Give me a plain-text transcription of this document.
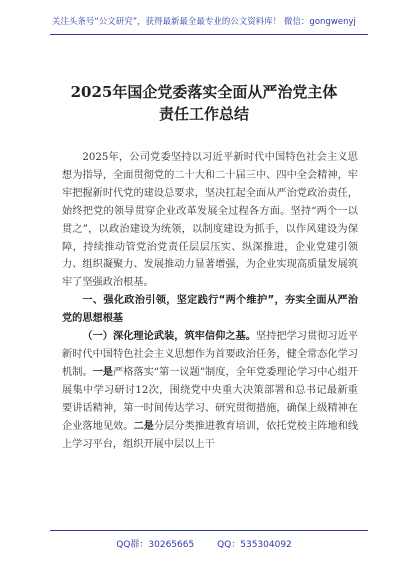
关注头条号“公文研究”，获得最新最全最专业的公文资料库！ 微信：gongwenyj
2025年国企党委落实全面从严治党主体
责任工作总结

2025年，公司党委坚持以习近平新时代中国特色社会主义思想为指导，全面贯彻党的二十大和二十届三中、四中全会精神，牢牢把握新时代党的建设总要求，坚决扛起全面从严治党政治责任，始终把党的领导贯穿企业改革发展全过程各方面。坚持“两个一以贯之”，以政治建设为统领，以制度建设为抓手，以作风建设为保障，持续推动管党治党责任层层压实、纵深推进，企业党建引领力、组织凝聚力、发展推动力显著增强，为企业实现高质量发展筑牢了坚强政治根基。

一、强化政治引领，坚定践行“两个维护”，夯实全面从严治党的思想根基

（一）深化理论武装，筑牢信仰之基。坚持把学习贯彻习近平新时代中国特色社会主义思想作为首要政治任务，健全常态化学习机制。一是严格落实“第一议题”制度，全年党委理论学习中心组开展集中学习研讨12次，围绕党中央重大决策部署和总书记最新重要讲话精神，第一时间传达学习、研究贯彻措施，确保上级精神在企业落地见效。二是分层分类推进教育培训，依托党校主阵地和线上学习平台，组织开展中层以上干

QQ群：30265665	QQ：535304092
